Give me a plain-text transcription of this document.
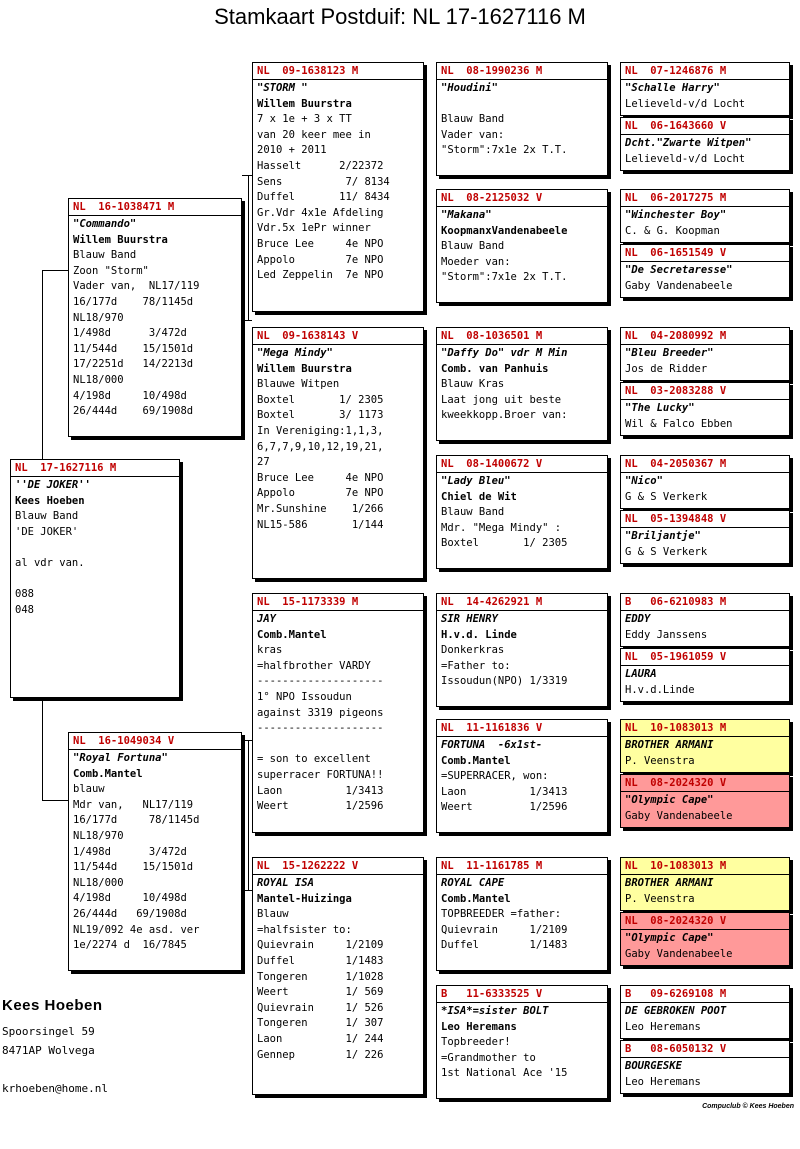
Stamkaart Postduif: NL 17-1627116 M
NL  17-1627116 M
''DE JOKER''
Kees Hoeben
Blauw Band
'DE JOKER'
al vdr van.
088
048
NL  16-1038471 M
"Commando"
Willem Buurstra
Blauw Band
Zoon "Storm"
Vader van,  NL17/119
16/177d    78/1145d
NL18/970
1/498d      3/472d
11/544d    15/1501d
17/2251d   14/2213d
NL18/000
4/198d     10/498d
26/444d    69/1908d
NL  16-1049034 V
"Royal Fortuna"
Comb.Mantel
blauw
Mdr van,   NL17/119
16/177d     78/1145d
NL18/970
1/498d      3/472d
11/544d    15/1501d
NL18/000
4/198d     10/498d
26/444d   69/1908d
NL19/092 4e asd. ver
1e/2274 d  16/7845
NL  09-1638123 M
"STORM "
Willem Buurstra
7 x 1e + 3 x TT
van 20 keer mee in
2010 + 2011
Hasselt      2/22372
Sens          7/ 8134
Duffel       11/ 8434
Gr.Vdr 4x1e Afdeling
Vdr.5x 1ePr winner
Bruce Lee     4e NPO
Appolo        7e NPO
Led Zeppelin  7e NPO
NL  09-1638143 V
"Mega Mindy"
Willem Buurstra
Blauwe Witpen
Boxtel       1/ 2305
Boxtel       3/ 1173
In Vereniging:1,1,3,
6,7,7,9,10,12,19,21,
27
Bruce Lee     4e NPO
Appolo        7e NPO
Mr.Sunshine    1/266
NL15-586       1/144
NL  15-1173339 M
JAY
Comb.Mantel
kras
=halfbrother VARDY
--------------------
1° NPO Issoudun
against 3319 pigeons
--------------------
= son to excellent
superracer FORTUNA!!
Laon          1/3413
Weert         1/2596
NL  15-1262222 V
ROYAL ISA
Mantel-Huizinga
Blauw
=halfsister to:
Quievrain     1/2109
Duffel        1/1483
Tongeren      1/1028
Weert         1/ 569
Quievrain     1/ 526
Tongeren      1/ 307
Laon          1/ 244
Gennep        1/ 226
NL  08-1990236 M
"Houdini"
Blauw Band
Vader van:
"Storm":7x1e 2x T.T.
NL  08-2125032 V
"Makana"
KoopmanxVandenabeele
Blauw Band
Moeder van:
"Storm":7x1e 2x T.T.
NL  08-1036501 M
"Daffy Do" vdr M Min
Comb. van Panhuis
Blauw Kras
Laat jong uit beste
kweekkopp.Broer van:
NL  08-1400672 V
"Lady Bleu"
Chiel de Wit
Blauw Band
Mdr. "Mega Mindy" :
Boxtel       1/ 2305
NL  14-4262921 M
SIR HENRY
H.v.d. Linde
Donkerkras
=Father to:
Issoudun(NPO) 1/3319
NL  11-1161836 V
FORTUNA  -6x1st-
Comb.Mantel
=SUPERRACER, won:
Laon          1/3413
Weert         1/2596
NL  11-1161785 M
ROYAL CAPE
Comb.Mantel
TOPBREEDER =father:
Quievrain     1/2109
Duffel        1/1483
B   11-6333525 V
*ISA*=sister BOLT
Leo Heremans
Topbreeder!
=Grandmother to
1st National Ace '15
NL  07-1246876 M
"Schalle Harry"
Lelieveld-v/d Locht
NL  06-1643660 V
Dcht."Zwarte Witpen"
Lelieveld-v/d Locht
NL  06-2017275 M
"Winchester Boy"
C. & G. Koopman
NL  06-1651549 V
"De Secretaresse"
Gaby Vandenabeele
NL  04-2080992 M
"Bleu Breeder"
Jos de Ridder
NL  03-2083288 V
"The Lucky"
Wil & Falco Ebben
NL  04-2050367 M
"Nico"
G & S Verkerk
NL  05-1394848 V
"Briljantje"
G & S Verkerk
B   06-6210983 M
EDDY
Eddy Janssens
NL  05-1961059 V
LAURA
H.v.d.Linde
NL  10-1083013 M
BROTHER ARMANI
P. Veenstra
NL  08-2024320 V
"Olympic Cape"
Gaby Vandenabeele
NL  10-1083013 M
BROTHER ARMANI
P. Veenstra
NL  08-2024320 V
"Olympic Cape"
Gaby Vandenabeele
B   09-6269108 M
DE GEBROKEN POOT
Leo Heremans
B   08-6050132 V
BOURGESKE
Leo Heremans
Kees Hoeben
Spoorsingel 59
8471AP Wolvega

krhoeben@home.nl
Compuclub © Kees Hoeben
